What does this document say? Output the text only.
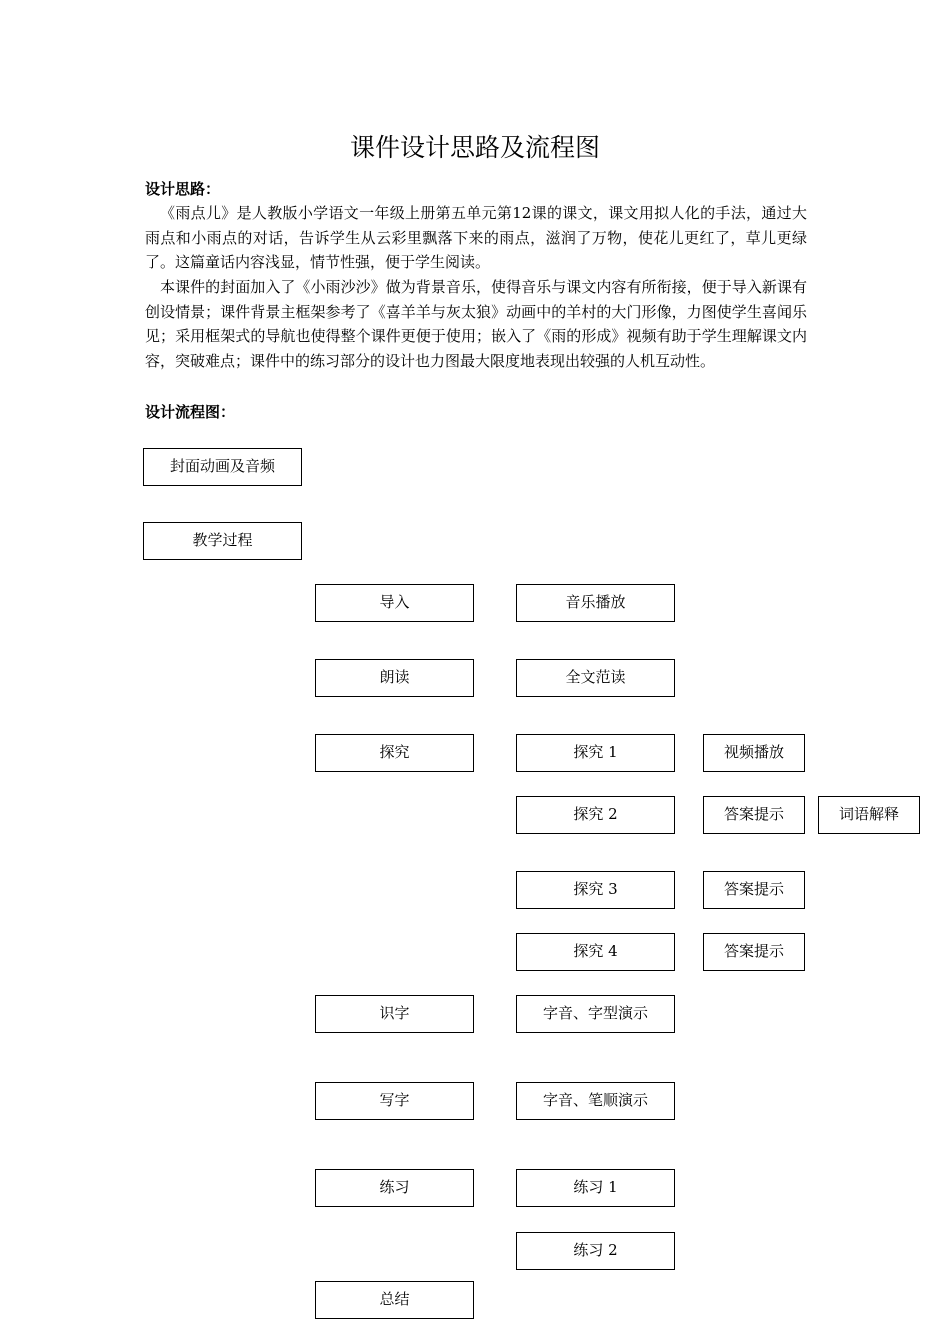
课件设计思路及流程图
设计思路：
《雨点儿》是人教版小学语文一年级上册第五单元第12课的课文，课文用拟人化的手法，通过大雨点和小雨点的对话，告诉学生从云彩里飘落下来的雨点，滋润了万物，使花儿更红了，草儿更绿了。这篇童话内容浅显，情节性强，便于学生阅读。
本课件的封面加入了《小雨沙沙》做为背景音乐，使得音乐与课文内容有所衔接，便于导入新课有创设情景；课件背景主框架参考了《喜羊羊与灰太狼》动画中的羊村的大门形像，力图使学生喜闻乐见；采用框架式的导航也使得整个课件更便于使用；嵌入了《雨的形成》视频有助于学生理解课文内容，突破难点；课件中的练习部分的设计也力图最大限度地表现出较强的人机互动性。
设计流程图：
封面动画及音频
教学过程
导入	音乐播放
朗读	全文范读
探究	探究 1	视频播放
探究 2	答案提示	词语解释
探究 3	答案提示
探究 4	答案提示
识字	字音、字型演示
写字	字音、笔顺演示
练习	练习 1
练习 2
总结
